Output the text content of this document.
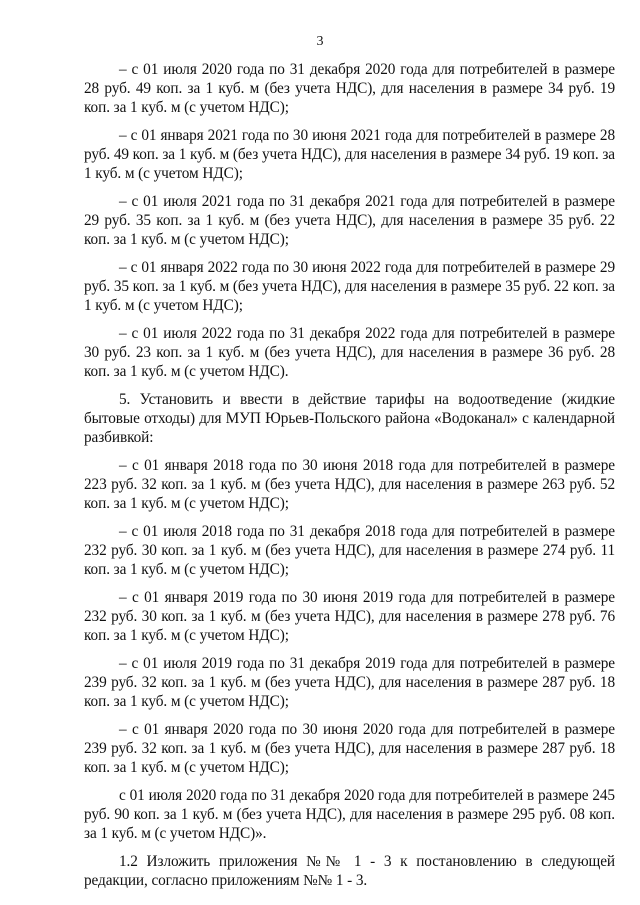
3

– с 01 июля 2020 года по 31 декабря 2020 года для потребителей в размере 28 руб. 49 коп. за 1 куб. м (без учета НДС), для населения в размере 34 руб. 19 коп. за 1 куб. м (с учетом НДС);

– с 01 января 2021 года по 30 июня 2021 года для потребителей в размере 28 руб. 49 коп. за 1 куб. м (без учета НДС), для населения в размере 34 руб. 19 коп. за 1 куб. м (с учетом НДС);

– с 01 июля 2021 года по 31 декабря 2021 года для потребителей в размере 29 руб. 35 коп. за 1 куб. м (без учета НДС), для населения в размере 35 руб. 22 коп. за 1 куб. м (с учетом НДС);

– с 01 января 2022 года по 30 июня 2022 года для потребителей в размере 29 руб. 35 коп. за 1 куб. м (без учета НДС), для населения в размере 35 руб. 22 коп. за 1 куб. м (с учетом НДС);

– с 01 июля 2022 года по 31 декабря 2022 года для потребителей в размере 30 руб. 23 коп. за 1 куб. м (без учета НДС), для населения в размере 36 руб. 28 коп. за 1 куб. м (с учетом НДС).

5. Установить и ввести в действие тарифы на водоотведение (жидкие бытовые отходы) для МУП Юрьев-Польского района «Водоканал» с календарной разбивкой:

– с 01 января 2018 года по 30 июня 2018 года для потребителей в размере 223 руб. 32 коп. за 1 куб. м (без учета НДС), для населения в размере 263 руб. 52 коп. за 1 куб. м (с учетом НДС);

– с 01 июля 2018 года по 31 декабря 2018 года для потребителей в размере 232 руб. 30 коп. за 1 куб. м (без учета НДС), для населения в размере 274 руб. 11 коп. за 1 куб. м (с учетом НДС);

– с 01 января 2019 года по 30 июня 2019 года для потребителей в размере 232 руб. 30 коп. за 1 куб. м (без учета НДС), для населения в размере 278 руб. 76 коп. за 1 куб. м (с учетом НДС);

– с 01 июля 2019 года по 31 декабря 2019 года для потребителей в размере 239 руб. 32 коп. за 1 куб. м (без учета НДС), для населения в размере 287 руб. 18 коп. за 1 куб. м (с учетом НДС);

– с 01 января 2020 года по 30 июня 2020 года для потребителей в размере 239 руб. 32 коп. за 1 куб. м (без учета НДС), для населения в размере 287 руб. 18 коп. за 1 куб. м (с учетом НДС);

с 01 июля 2020 года по 31 декабря 2020 года для потребителей в размере 245 руб. 90 коп. за 1 куб. м (без учета НДС), для населения в размере 295 руб. 08 коп. за 1 куб. м (с учетом НДС)».

1.2 Изложить приложения №№ 1 - 3 к постановлению в следующей редакции, согласно приложениям №№ 1 - 3.
